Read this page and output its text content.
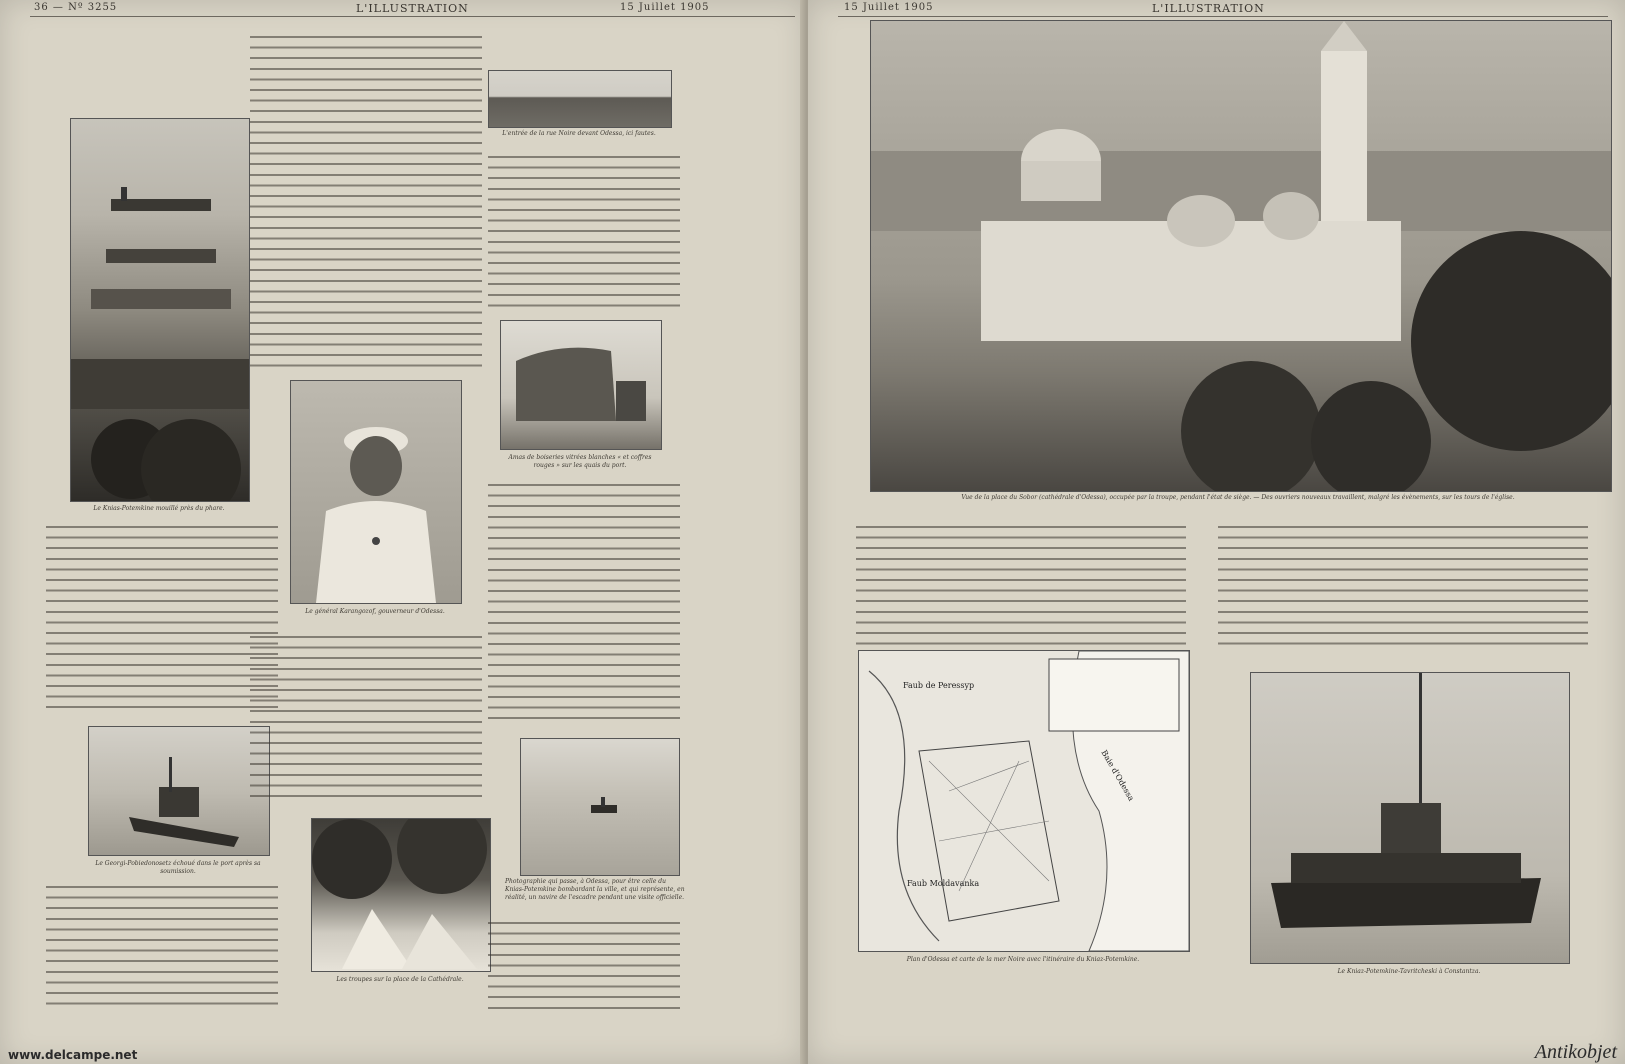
36 — Nº 3255	L'ILLUSTRATION	15 Juillet 1905
Le Knias-Potemkine mouillé près du phare.
Le Georgi-Pobiedonosetz échoué dans le port après sa soumission.
Le général Karangozof, gouverneur d'Odessa.
Les troupes sur la place de la Cathédrale.
L'entrée de la rue Noire devant Odessa, ici fautes.
Amas de boiseries vitrées blanches « et coffres rouges » sur les quais du port.
Photographie qui passe, à Odessa, pour être celle du Knias-Potemkine bombardant la ville, et qui représente, en réalité, un navire de l'escadre pendant une visite officielle.
15 Juillet 1905	L'ILLUSTRATION
Vue de la place du Sobor (cathédrale d'Odessa), occupée par la troupe, pendant l'état de siège. — Des ouvriers nouveaux travaillent, malgré les évènements, sur les tours de l'église.
Faub de Peressyp
Faub Moldavanka
Baie d'Odessa
Plan d'Odessa et carte de la mer Noire avec l'itinéraire du Kniaz-Potemkine.
Le Kniaz-Potemkine-Tavritcheski à Constantza.
www.delcampe.net	Antikobjet
